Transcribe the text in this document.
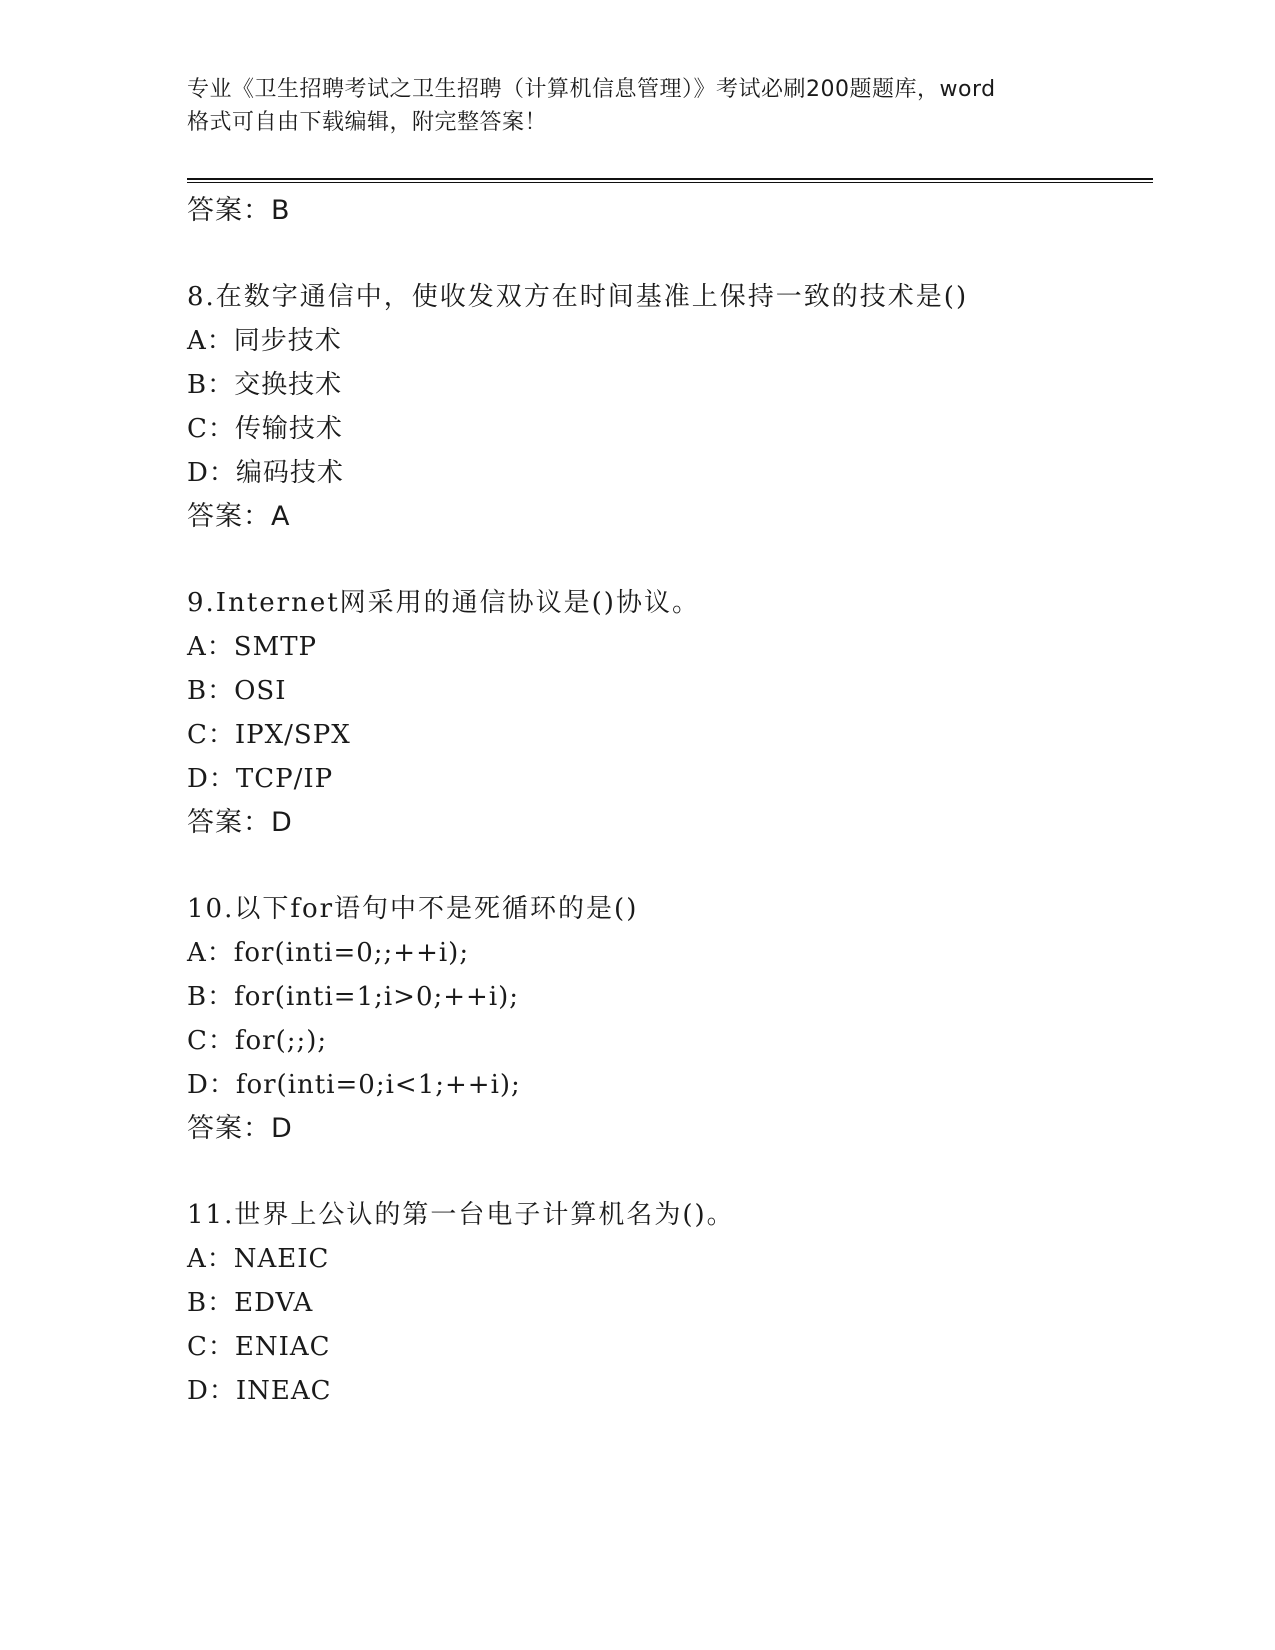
专业《卫生招聘考试之卫生招聘（计算机信息管理）》考试必刷200题题库，word
格式可自由下载编辑，附完整答案！
答案：B
8.在数字通信中，使收发双方在时间基准上保持一致的技术是()
A：同步技术
B：交换技术
C：传输技术
D：编码技术
答案：A
9.Internet网采用的通信协议是()协议。
A：SMTP
B：OSI
C：IPX/SPX
D：TCP/IP
答案：D
10.以下for语句中不是死循环的是()
A：for(inti=0;;++i);
B：for(inti=1;i>0;++i);
C：for(;;);
D：for(inti=0;i<1;++i);
答案：D
11.世界上公认的第一台电子计算机名为()。
A：NAEIC
B：EDVA
C：ENIAC
D：INEAC
